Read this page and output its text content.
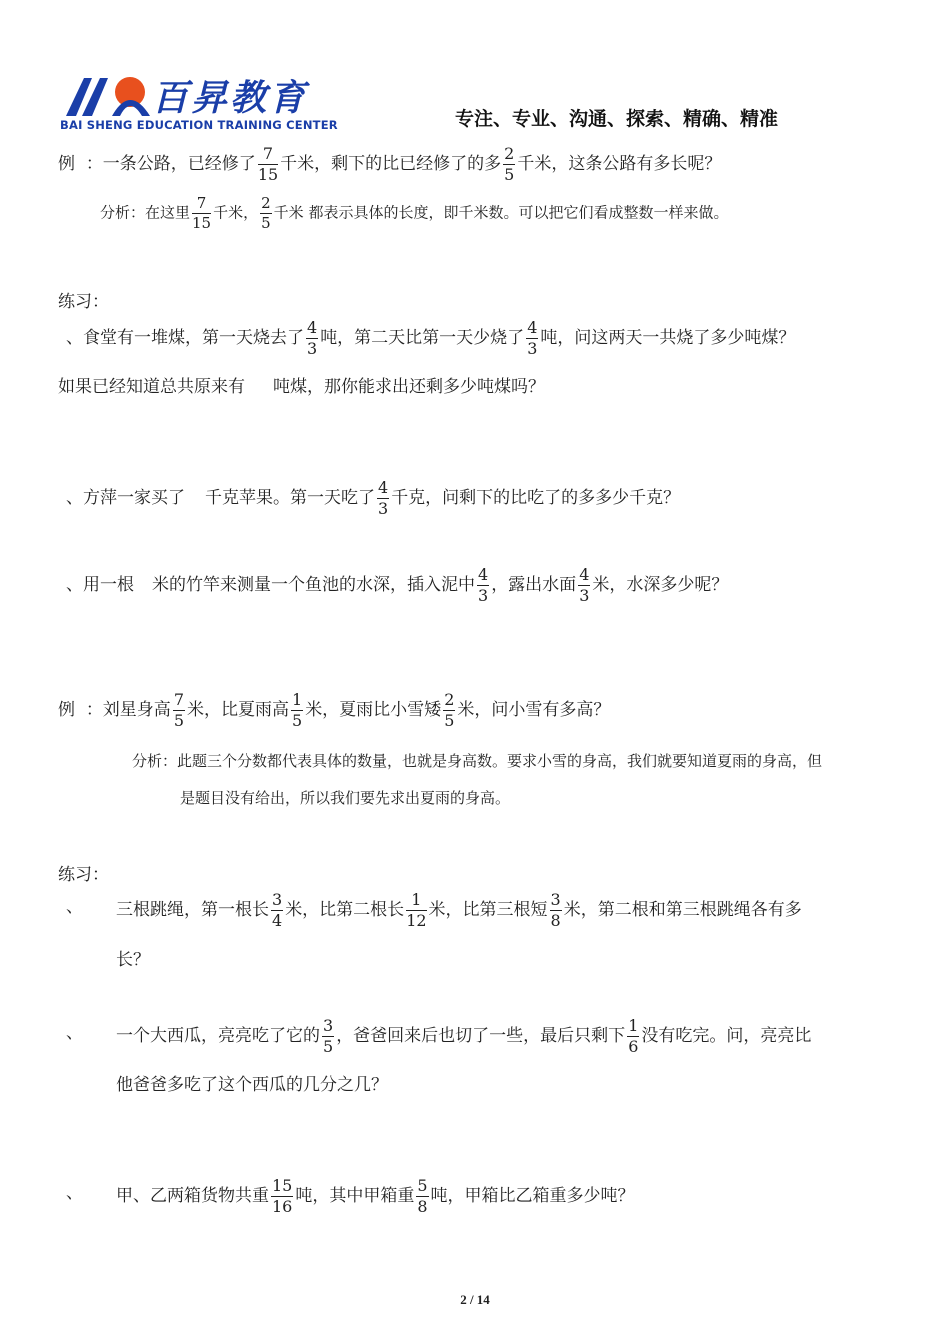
百昇教育
BAI SHENG EDUCATION TRAINING CENTER	专注、专业、沟通、探索、精确、精准
例 ：一条公路，已经修了 $\frac{7}{15}$ 千米，剩下的比已经修了的多 $\frac{2}{5}$ 千米，这条公路有多长呢？
分析：在这里 $\frac{7}{15}$ 千米， $\frac{2}{5}$ 千米 都表示具体的长度，即千米数。可以把它们看成整数一样来做。
练习：
、食堂有一堆煤，第一天烧去了 $\frac{4}{3}$ 吨，第二天比第一天少烧了 $\frac{4}{3}$ 吨，问这两天一共烧了多少吨煤？
如果已经知道总共原来有 吨煤，那你能求出还剩多少吨煤吗？
、方萍一家买了 千克苹果。第一天吃了 $\frac{4}{3}$ 千克，问剩下的比吃了的多多少千克？
、用一根 米的竹竿来测量一个鱼池的水深，插入泥中 $\frac{4}{3}$ ，露出水面 $\frac{4}{3}$ 米，水深多少呢？
例 ：刘星身高 $\frac{7}{5}$ 米，比夏雨高 $\frac{1}{5}$ 米，夏雨比小雪矮 $\frac{2}{5}$ 米，问小雪有多高？
分析：此题三个分数都代表具体的数量，也就是身高数。要求小雪的身高，我们就要知道夏雨的身高，但
是题目没有给出，所以我们要先求出夏雨的身高。
练习：
、 三根跳绳，第一根长 $\frac{3}{4}$ 米，比第二根长 $\frac{1}{12}$ 米，比第三根短 $\frac{3}{8}$ 米，第二根和第三根跳绳各有多
长？
、 一个大西瓜，亮亮吃了它的 $\frac{3}{5}$ ，爸爸回来后也切了一些，最后只剩下 $\frac{1}{6}$ 没有吃完。问，亮亮比
他爸爸多吃了这个西瓜的几分之几？
、 甲、乙两箱货物共重 $\frac{15}{16}$ 吨，其中甲箱重 $\frac{5}{8}$ 吨，甲箱比乙箱重多少吨？
2 / 14
